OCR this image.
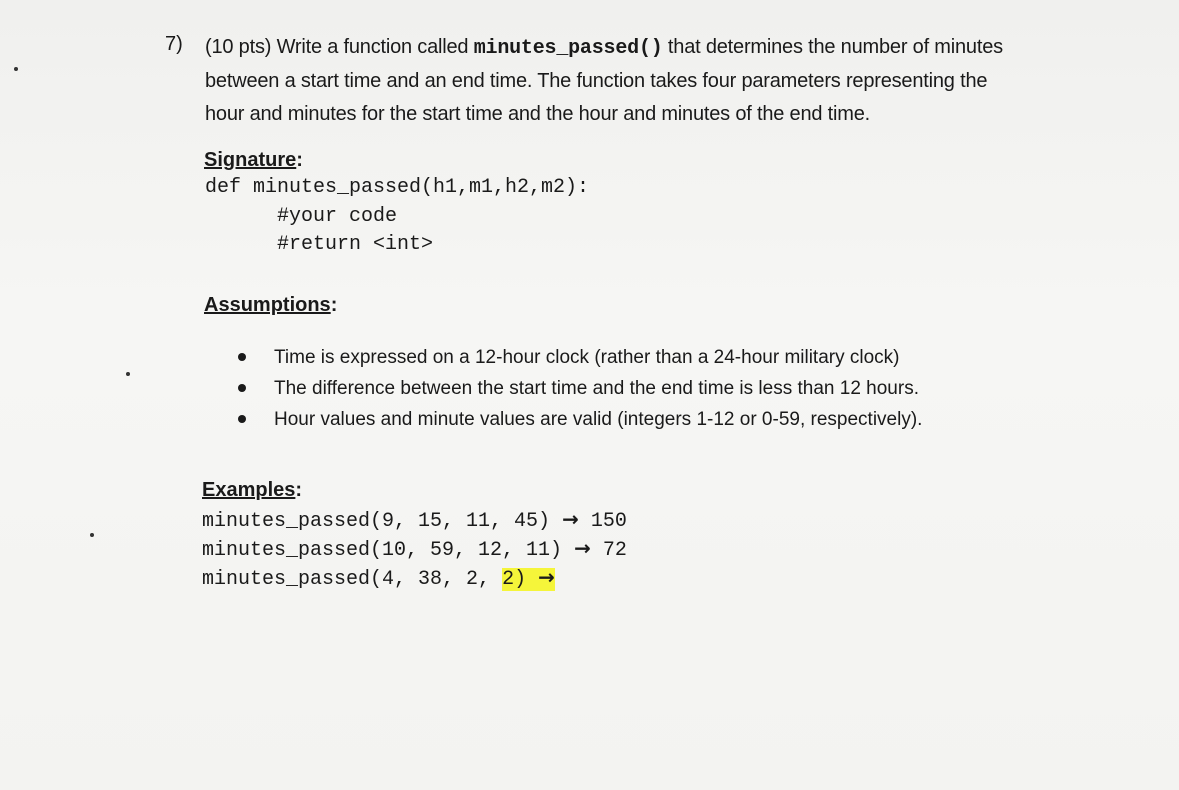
7) (10 pts) Write a function called minutes_passed() that determines the number of minutes
between a start time and an end time. The function takes four parameters representing the
hour and minutes for the start time and the hour and minutes of the end time.
Signature:
def minutes_passed(h1,m1,h2,m2):
#your code
#return <int>
Assumptions:
Time is expressed on a 12-hour clock (rather than a 24-hour military clock)
The difference between the start time and the end time is less than 12 hours.
Hour values and minute values are valid (integers 1-12 or 0-59, respectively).
Examples:
minutes_passed(9, 15, 11, 45) → 150
minutes_passed(10, 59, 12, 11) → 72
minutes_passed(4, 38, 2, 2) →
